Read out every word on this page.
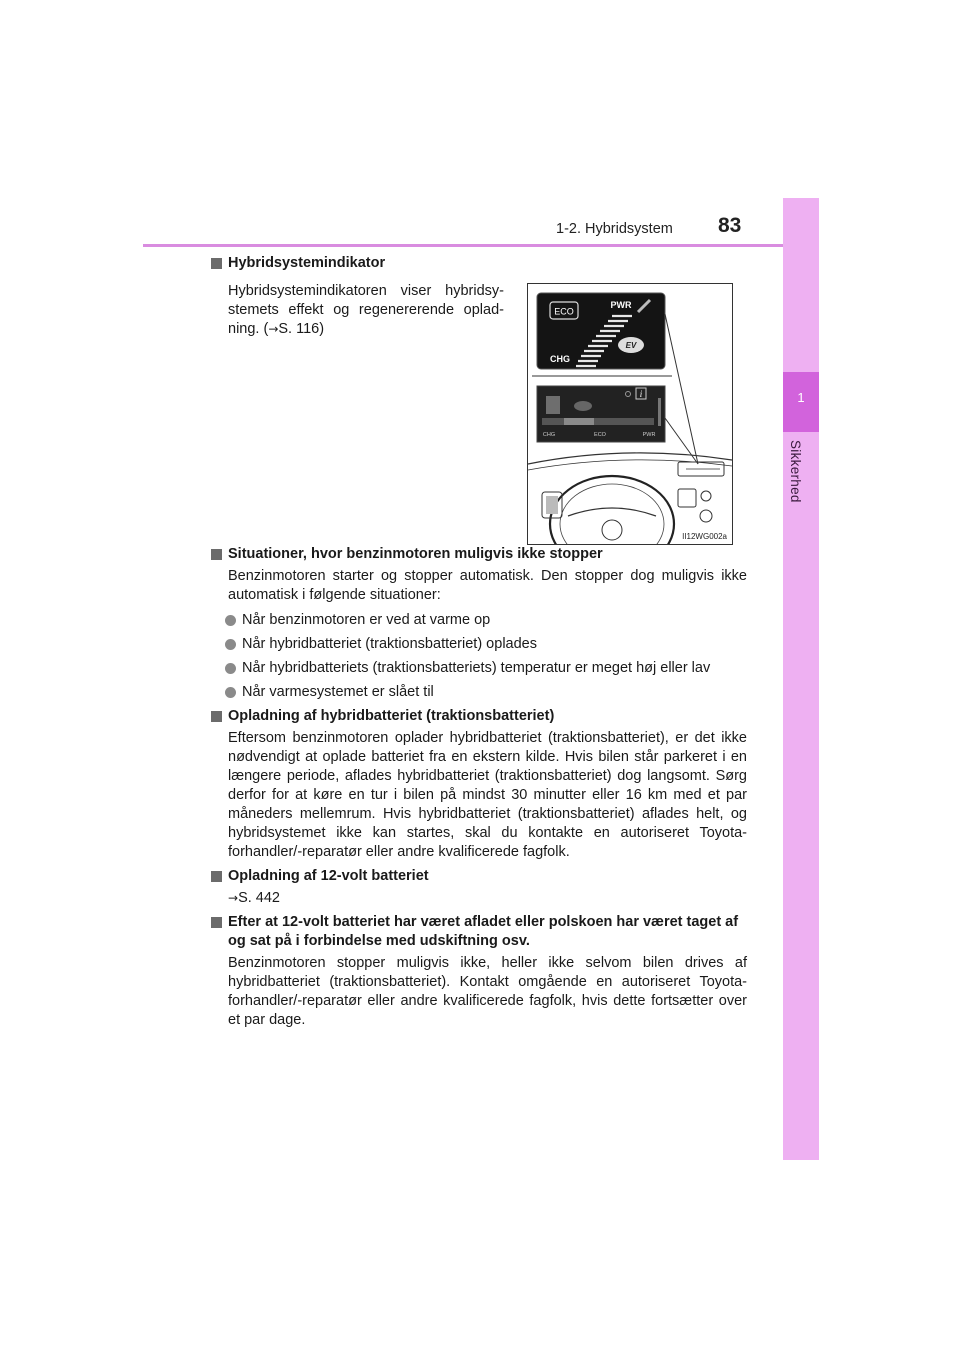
1-2. Hybridsystem 83
1
Sikkerhed
ECO
PWR
CHG
EV
i
CHG	ECO	PWR
II12WG002a
Hybridsystemindikator
Hybridsystemindikatoren viser hybridsystemets effekt og regenererende opladning. (→S. 116)
Situationer, hvor benzinmotoren muligvis ikke stopper
Benzinmotoren starter og stopper automatisk. Den stopper dog muligvis ikke automatisk i følgende situationer:
Når benzinmotoren er ved at varme op
Når hybridbatteriet (traktionsbatteriet) oplades
Når hybridbatteriets (traktionsbatteriets) temperatur er meget høj eller lav
Når varmesystemet er slået til
Opladning af hybridbatteriet (traktionsbatteriet)
Eftersom benzinmotoren oplader hybridbatteriet (traktionsbatteriet), er det ikke nødvendigt at oplade batteriet fra en ekstern kilde. Hvis bilen står parkeret i en længere periode, aflades hybridbatteriet (traktionsbatteriet) dog langsomt. Sørg derfor for at køre en tur i bilen på mindst 30 minutter eller 16 km med et par måneders mellemrum. Hvis hybridbatteriet (traktionsbatteriet) aflades helt, og hybridsystemet ikke kan startes, skal du kontakte en autoriseret Toyota-forhandler/-reparatør eller andre kvalificerede fagfolk.
Opladning af 12-volt batteriet
→S. 442
Efter at 12-volt batteriet har været afladet eller polskoen har været taget af og sat på i forbindelse med udskiftning osv.
Benzinmotoren stopper muligvis ikke, heller ikke selvom bilen drives af hybridbatteriet (traktionsbatteriet). Kontakt omgående en autoriseret Toyota-forhandler/-reparatør eller andre kvalificerede fagfolk, hvis dette fortsætter over et par dage.
